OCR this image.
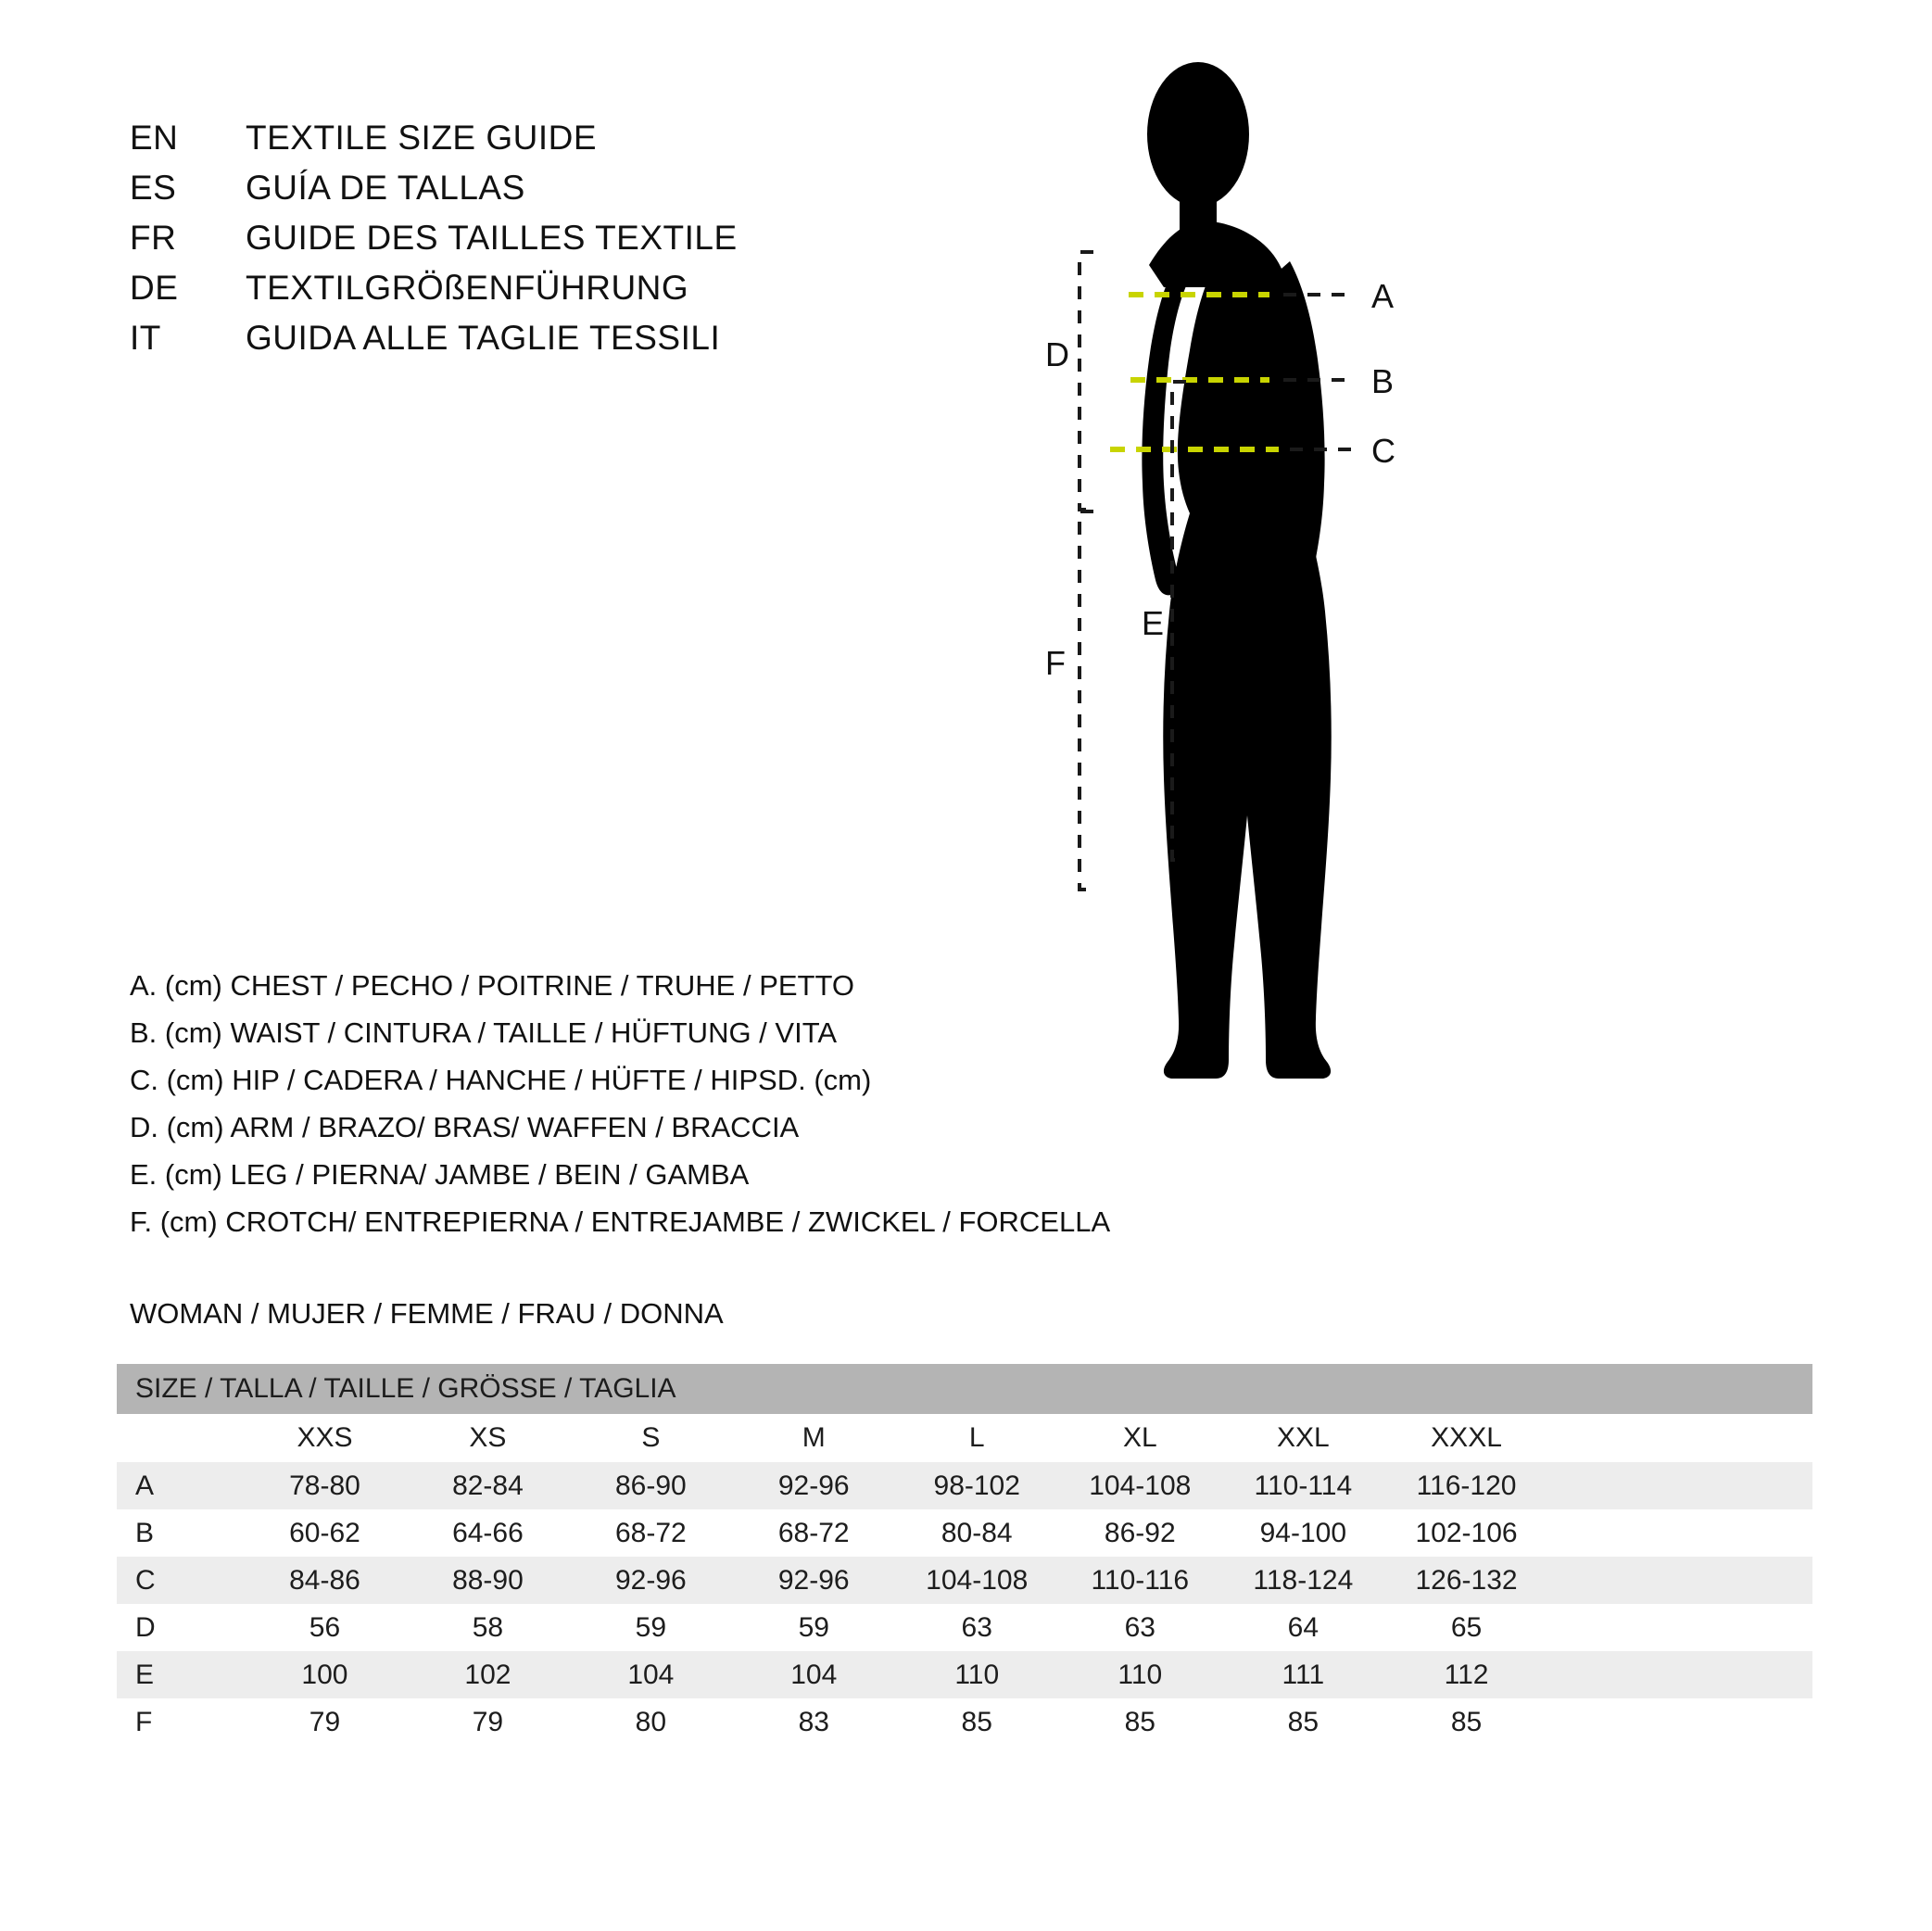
EN	TEXTILE SIZE GUIDE
ES	GUÍA DE TALLAS
FR	GUIDE DES TAILLES TEXTILE
DE	TEXTILGRÖßENFÜHRUNG
IT	GUIDA ALLE TAGLIE TESSILI
A
B
C
D
F
E
A. (cm) CHEST / PECHO / POITRINE / TRUHE / PETTO
B. (cm) WAIST / CINTURA / TAILLE / HÜFTUNG / VITA
C. (cm) HIP / CADERA / HANCHE / HÜFTE / HIPSD. (cm)
D. (cm) ARM / BRAZO/ BRAS/ WAFFEN / BRACCIA
E. (cm) LEG / PIERNA/ JAMBE / BEIN / GAMBA
F. (cm) CROTCH/ ENTREPIERNA / ENTREJAMBE / ZWICKEL / FORCELLA
WOMAN / MUJER / FEMME / FRAU / DONNA
SIZE / TALLA / TAILLE / GRÖSSE / TAGLIA									
	XXS	XS	S	M	L	XL	XXL	XXXL	
A	78-80	82-84	86-90	92-96	98-102	104-108	110-114	116-120	
B	60-62	64-66	68-72	68-72	80-84	86-92	94-100	102-106	
C	84-86	88-90	92-96	92-96	104-108	110-116	118-124	126-132	
D	56	58	59	59	63	63	64	65	
E	100	102	104	104	110	110	111	112	
F	79	79	80	83	85	85	85	85	
